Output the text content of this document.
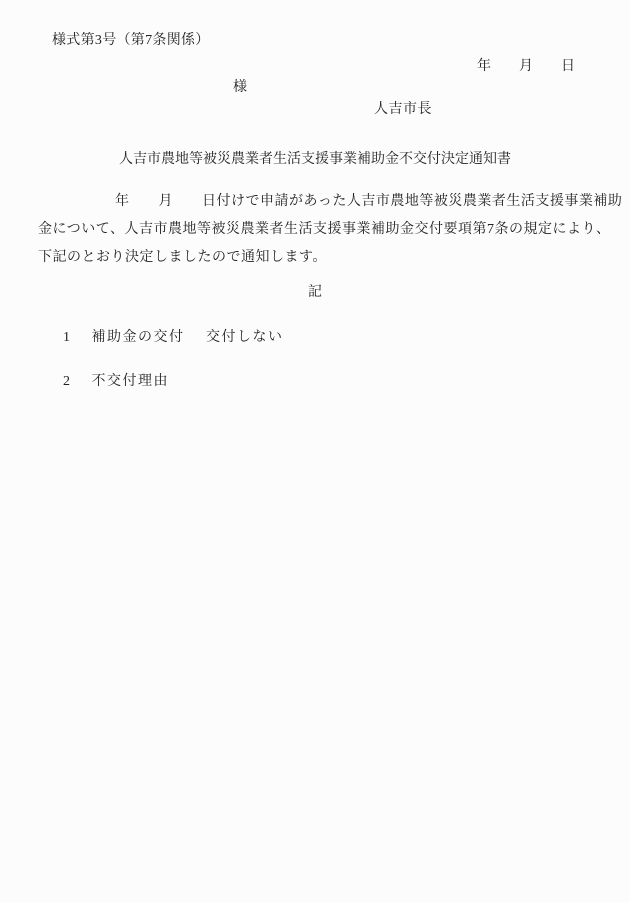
様式第3号（第7条関係）
年　　月　　日
様
人吉市長
人吉市農地等被災農業者生活支援事業補助金不交付決定通知書
年　　月　　日付けで申請があった人吉市農地等被災農業者生活支援事業補助
金について、人吉市農地等被災農業者生活支援事業補助金交付要項第7条の規定により、
下記のとおり決定しましたので通知します。
記
1 補助金の交付 交付しない
2 不交付理由
